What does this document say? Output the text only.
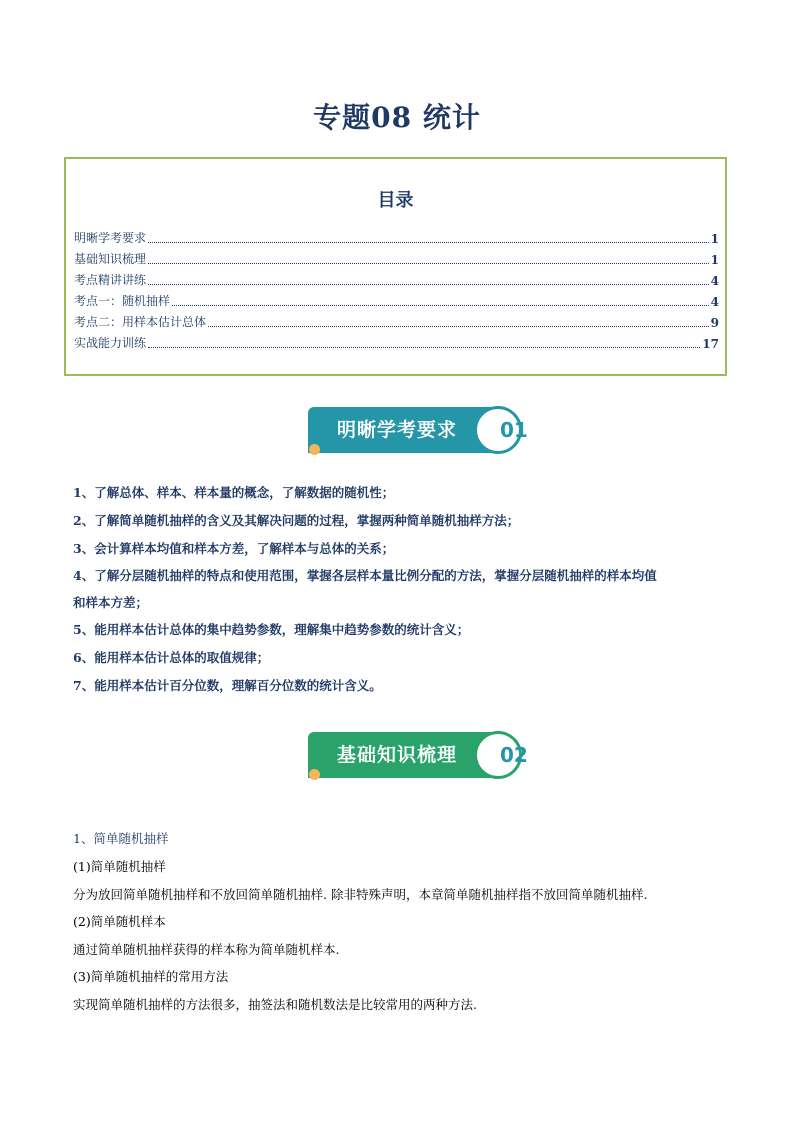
专题08 统计
目录
明晰学考要求	1
基础知识梳理	1
考点精讲讲练	4
考点一：随机抽样	4
考点二：用样本估计总体	9
实战能力训练	17
明晰学考要求	01
1、了解总体、样本、样本量的概念，了解数据的随机性；
2、了解简单随机抽样的含义及其解决问题的过程，掌握两种简单随机抽样方法；
3、会计算样本均值和样本方差，了解样本与总体的关系；
4、了解分层随机抽样的特点和使用范围，掌握各层样本量比例分配的方法，掌握分层随机抽样的样本均值
和样本方差；
5、能用样本估计总体的集中趋势参数，理解集中趋势参数的统计含义；
6、能用样本估计总体的取值规律；
7、能用样本估计百分位数，理解百分位数的统计含义。
基础知识梳理	02
1、简单随机抽样
(1)简单随机抽样
分为放回简单随机抽样和不放回简单随机抽样. 除非特殊声明，本章简单随机抽样指不放回简单随机抽样.
(2)简单随机样本
通过简单随机抽样获得的样本称为简单随机样本.
(3)简单随机抽样的常用方法
实现简单随机抽样的方法很多，抽签法和随机数法是比较常用的两种方法.
